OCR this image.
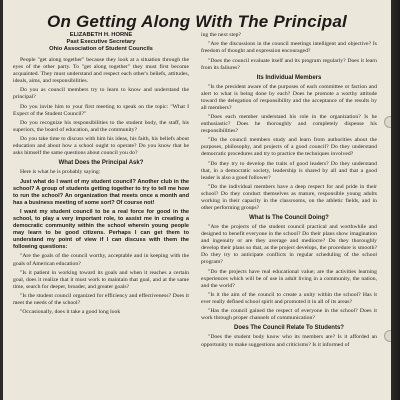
On Getting Along With The Principal
ELIZABETH H. HORNE
Past Executive Secretary
Ohio Association of Student Councils

People "get along together" because they look at a situation through the eyes of the other party. To "get along together" they must first become acquainted. They must understand and respect each other's beliefs, attitudes, ideals, aims, and responsibilities.

Do you as council members try to learn to know and understand the principal?

Do you invite him to your first meeting to speak on the topic: "What I Expect of the Student Council?"

Do you recognize his responsibilities to the student body, the staff, his superiors, the board of education, and the community?

Do you take time to discuss with him his ideas, his faith, his beliefs about education and about how a school ought to operate? Do you know that he asks himself the same questions about council you do?

What Does the Principal Ask?

Here is what he is probably saying:

Just what do I want of my student council? Another club in the school? A group of students getting together to try to tell me how to run the school? An organization that meets once a month and has a business meeting of some sort? Of course not!

I want my student council to be a real force for good in the school, to play a very important role, to assist me in creating a democratic community within the school wherein young people may learn to be good citizens. Perhaps I can get them to understand my point of view if I can discuss with them the following questions:

"Are the goals of the council worthy, acceptable and in keeping with the goals of American education?

"Is it patient in working toward its goals and when it reaches a certain goal, does it realize that it must work to maintain that goal, and at the same time, search for deeper, broader, and greater goals?

"Is the student council organized for efficiency and effectiveness? Does it meet the needs of the school?

"Occasionally, does it take a good long look

ing the next step?

"Are the discussions in the council meetings intelligent and objective? Is freedom of thought and expression encouraged?

"Does the council evaluate itself and its program regularly? Does it learn from its failures?

Its Individual Members

"Is the president aware of the purposes of each committee or faction and alert to what is being done by each? Does he promote a worthy attitude toward the delegation of responsibility and the acceptance of the results by all members?

"Does each member understand his role in the organization? Is he enthusiastic? Does he thoroughly and completely dispense his responsibilities?

"Do the council members study and learn from authorities about the purposes, philosophy, and projects of a good council? Do they understand democratic procedures and try to practice the techniques involved?

"Do they try to develop the traits of good leaders? Do they understand that, in a democratic society, leadership is shared by all and that a good leader is also a good follower?

"Do the individual members have a deep respect for and pride in their school? Do they conduct themselves as mature, responsible young adults working in their capacity in the classrooms, on the athletic fields, and in other performing groups?

What Is The Council Doing?

"Are the projects of the student council practical and worthwhile and designed to benefit everyone in the school? Do their plans show imagination and ingenuity or are they average and mediocre? Do they thoroughly develop their plans so that, as the project develops, the procedure is smooth? Do they try to anticipate conflicts in regular scheduling of the school program?

"Do the projects have real educational value; are the activities learning experiences which will be of use in adult living in a community, the nation, and the world?

"Is it the aim of the council to create a unity within the school? Has it ever really defined school spirit and promoted it in all of its areas?

"Has the council gained the respect of everyone in the school? Does it work through proper channels of communication?

Does The Council Relate To Students?

"Does the student body know who its members are? Is it afforded an opportunity to make suggestions and criticisms? Is it informed of
